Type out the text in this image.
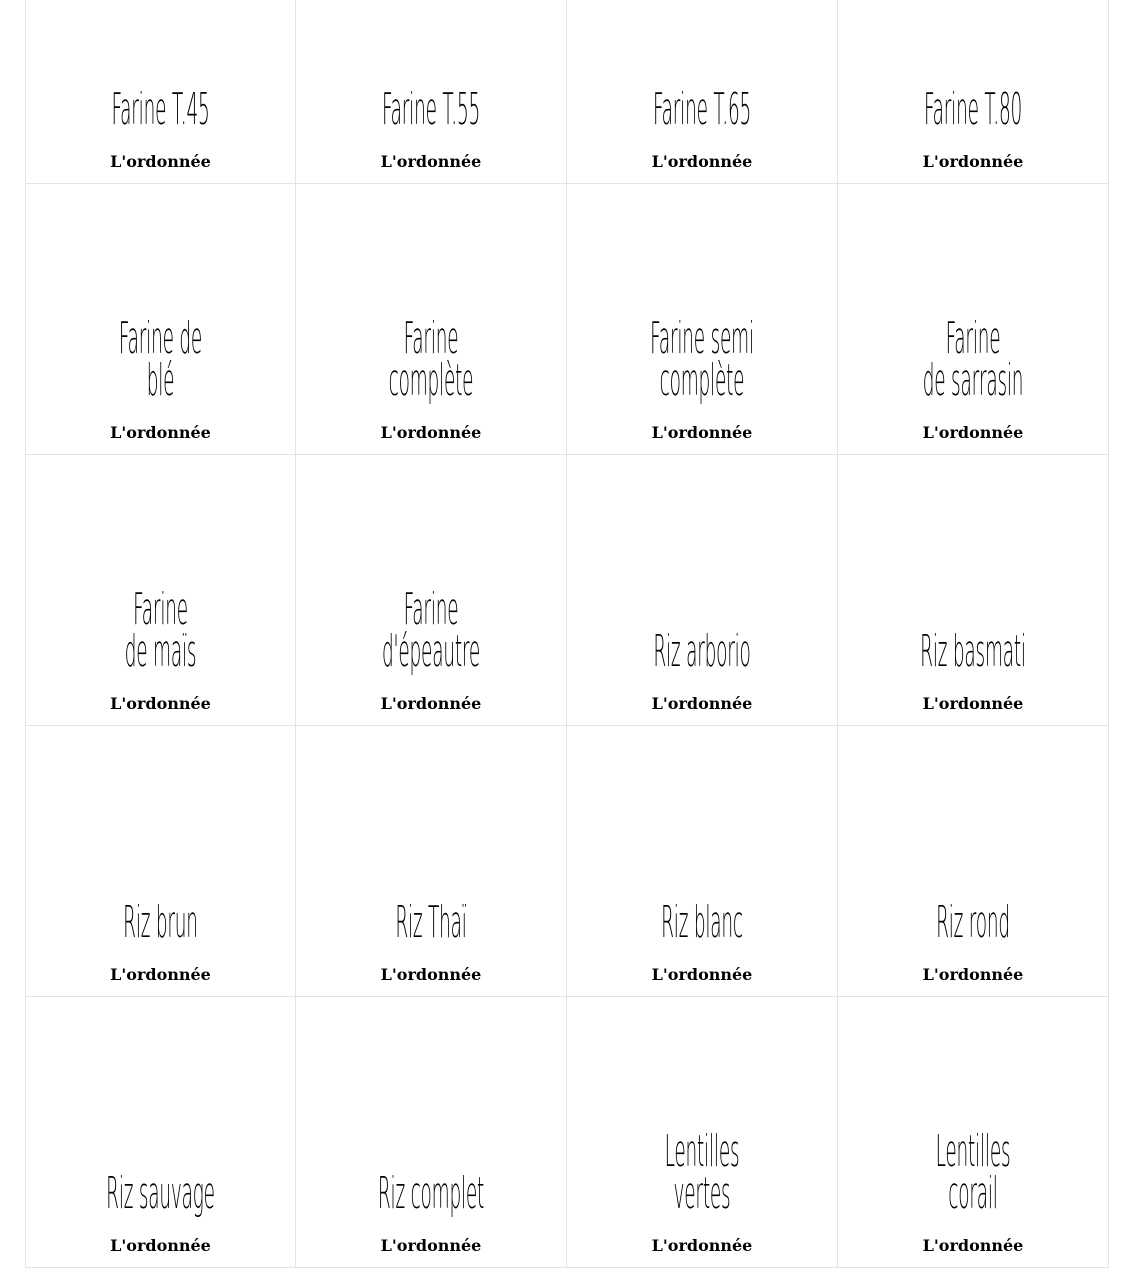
Farine T.45

L'ordonnée

Farine T.55

L'ordonnée

Farine T.65

L'ordonnée

Farine T.80

L'ordonnée

Farine de blé

L'ordonnée

Farine
complète

L'ordonnée

Farine semi
complète

L'ordonnée

Farine
de sarrasin

L'ordonnée

Farine
de maïs

L'ordonnée

Farine
d'épeautre

L'ordonnée

Riz arborio

L'ordonnée

Riz basmati

L'ordonnée

Riz brun

L'ordonnée

Riz Thaï

L'ordonnée

Riz blanc

L'ordonnée

Riz rond

L'ordonnée

Riz sauvage

L'ordonnée

Riz complet

L'ordonnée

Lentilles
vertes

L'ordonnée

Lentilles
corail

L'ordonnée
